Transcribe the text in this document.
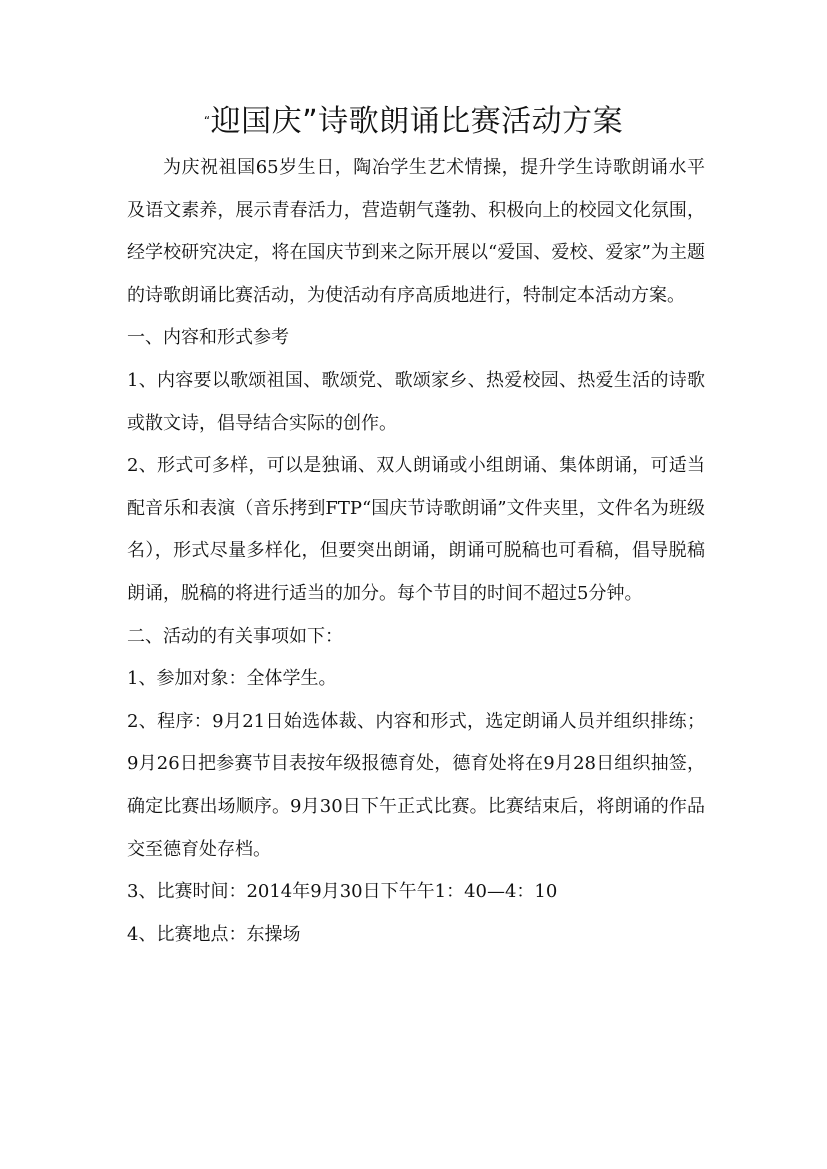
“迎国庆”诗歌朗诵比赛活动方案

为庆祝祖国65岁生日，陶冶学生艺术情操，提升学生诗歌朗诵水平及语文素养，展示青春活力，营造朝气蓬勃、积极向上的校园文化氛围，经学校研究决定，将在国庆节到来之际开展以“爱国、爱校、爱家”为主题的诗歌朗诵比赛活动，为使活动有序高质地进行，特制定本活动方案。

一、内容和形式参考

1、内容要以歌颂祖国、歌颂党、歌颂家乡、热爱校园、热爱生活的诗歌或散文诗，倡导结合实际的创作。

2、形式可多样，可以是独诵、双人朗诵或小组朗诵、集体朗诵，可适当配音乐和表演（音乐拷到FTP“国庆节诗歌朗诵”文件夹里，文件名为班级名），形式尽量多样化，但要突出朗诵，朗诵可脱稿也可看稿，倡导脱稿朗诵，脱稿的将进行适当的加分。每个节目的时间不超过5分钟。

二、活动的有关事项如下：

1、参加对象：全体学生。

2、程序：9月21日始选体裁、内容和形式，选定朗诵人员并组织排练；9月26日把参赛节目表按年级报德育处，德育处将在9月28日组织抽签，确定比赛出场顺序。9月30日下午正式比赛。比赛结束后，将朗诵的作品交至德育处存档。

3、比赛时间：2014年9月30日下午午1：40—4：10

4、比赛地点：东操场
